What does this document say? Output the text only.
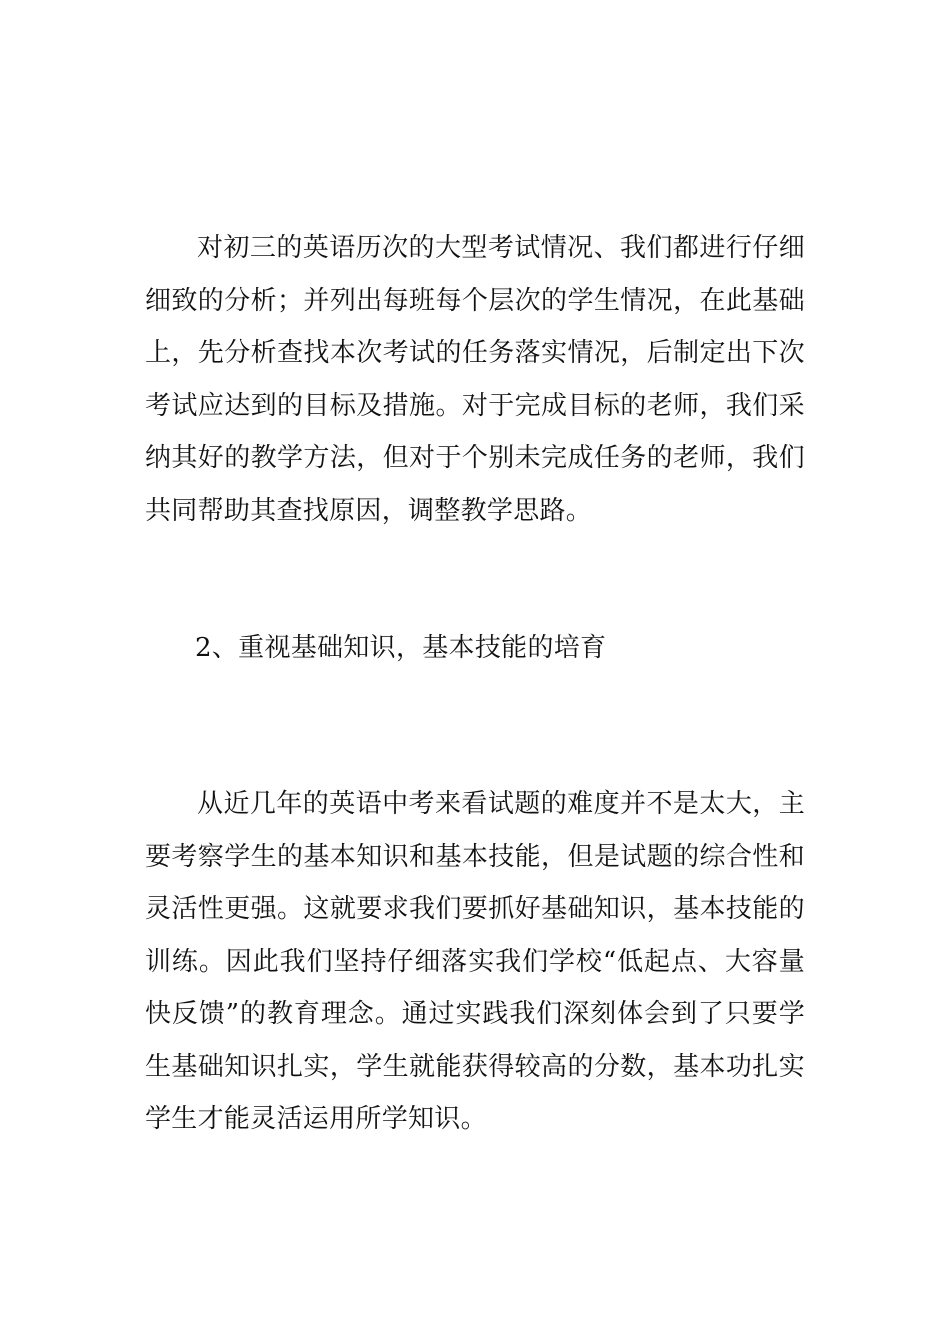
对初三的英语历次的大型考试情况、我们都进行仔细细致的分析；并列出每班每个层次的学生情况，在此基础上，先分析查找本次考试的任务落实情况，后制定出下次考试应达到的目标及措施。对于完成目标的老师，我们采纳其好的教学方法，但对于个别未完成任务的老师，我们共同帮助其查找原因，调整教学思路。

2、重视基础知识，基本技能的培育

从近几年的英语中考来看试题的难度并不是太大，主要考察学生的基本知识和基本技能，但是试题的综合性和灵活性更强。这就要求我们要抓好基础知识，基本技能的训练。因此我们坚持仔细落实我们学校“低起点、大容量快反馈”的教育理念。通过实践我们深刻体会到了只要学生基础知识扎实，学生就能获得较高的分数，基本功扎实学生才能灵活运用所学知识。
